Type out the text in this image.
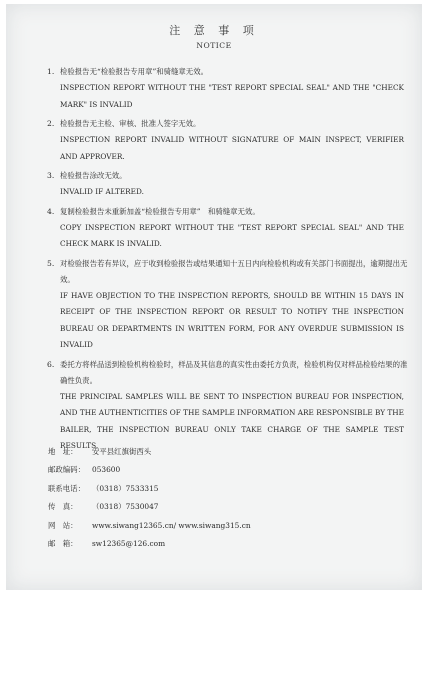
注 意 事 项
NOTICE
1. 检验报告无“检验报告专用章”和骑缝章无效。
INSPECTION REPORT WITHOUT THE "TEST REPORT SPECIAL SEAL" AND THE "CHECK MARK" IS INVALID
2. 检验报告无主检、审核、批准人签字无效。
INSPECTION REPORT INVALID WITHOUT SIGNATURE OF MAIN INSPECT, VERIFIER AND APPROVER.
3. 检验报告涂改无效。
INVALID IF ALTERED.
4. 复制检验报告未重新加盖“检验报告专用章”　和骑缝章无效。
COPY INSPECTION REPORT WITHOUT THE "TEST REPORT SPECIAL SEAL" AND THE CHECK MARK IS INVALID.
5. 对检验报告若有异议，应于收到检验报告或结果通知十五日内向检验机构或有关部门书面提出，逾期提出无效。
IF HAVE OBJECTION TO THE INSPECTION REPORTS, SHOULD BE WITHIN 15 DAYS IN RECEIPT OF THE INSPECTION REPORT OR RESULT TO NOTIFY THE INSPECTION BUREAU OR DEPARTMENTS IN WRITTEN FORM, FOR ANY OVERDUE SUBMISSION IS INVALID
6. 委托方将样品送到检验机构检验时，样品及其信息的真实性由委托方负责，检验机构仅对样品检验结果的准确性负责。
THE PRINCIPAL SAMPLES WILL BE SENT TO INSPECTION BUREAU FOR INSPECTION, AND THE AUTHENTICITIES OF THE SAMPLE INFORMATION ARE RESPONSIBLE BY THE BAILER, THE INSPECTION BUREAU ONLY TAKE CHARGE OF THE SAMPLE TEST RESULTS.
地　址： 安平县红旗街西头
邮政编码： 053600
联系电话： （0318）7533315
传　真： （0318）7530047
网　站： www.siwang12365.cn/ www.siwang315.cn
邮　箱： sw12365@126.com
